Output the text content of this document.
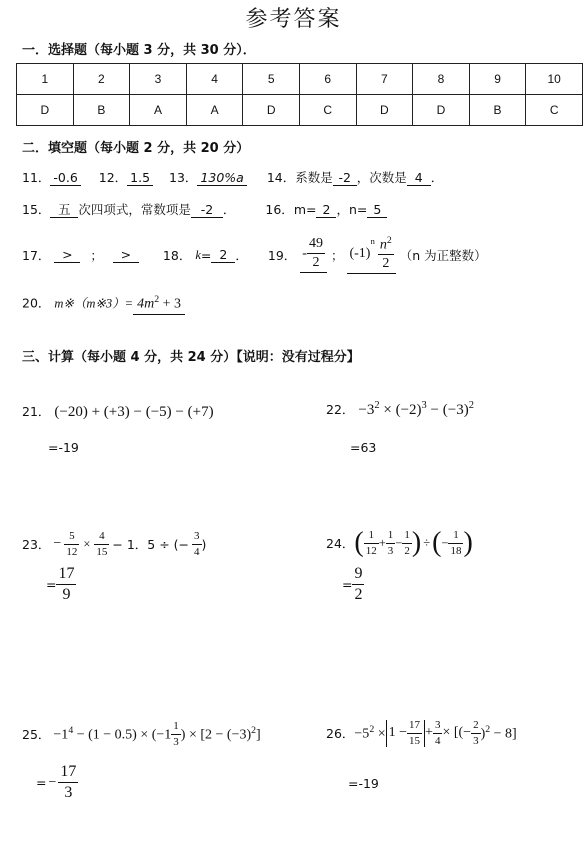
参考答案
一．选择题（每小题 3 分，共 30 分）．
1	2	3	4	5	6	7	8	9	10
D	B	A	A	D	C	D	D	B	C
二．填空题（每小题 2 分，共 20 分）
11． -0.6 12． 1.5 13． 130%a 14．系数是 -2 ，次数是 4 ．
15． 五 次四项式，常数项是 -2 ． 16．m= 2 ，n= 5
17． >	；	>	18． k = 2 ． 19． - $\frac{49}{2}$ ； (-1)
$^n \frac{n^2}{2} (n$ 为正整数）
20． m※（m※3）= $4m^2 + 3$
三、计算（每小题 4 分，共 24 分）【说明：没有过程分】
21． (−20) + (+3) − (−5) − (+7)
=-19
22． $-3^2 \times (-2)^3 - (-3)^2$
=63
23． − $\frac{5}{12} \times \frac{4}{15} - 1$．5 ÷ (− $\frac{3}{4}$ )
= $\frac{17}{9}$
24． ( $\frac{1}{12} + \frac{1}{3} - \frac{1}{2}$ ) ÷ ( − $\frac{1}{18}$ )
= $\frac{9}{2}$
25． $-1^4 - (1 - 0.5) \times (-1 \frac{1}{3}$ ) × $[2 - (-3)^2]$
= − $\frac{17}{3}$
26． $-5^2 \times 1 - \frac{17}{15} + \frac{3}{4}$ × [(− $\frac{2}{3} )^2 - 8$]
=-19
